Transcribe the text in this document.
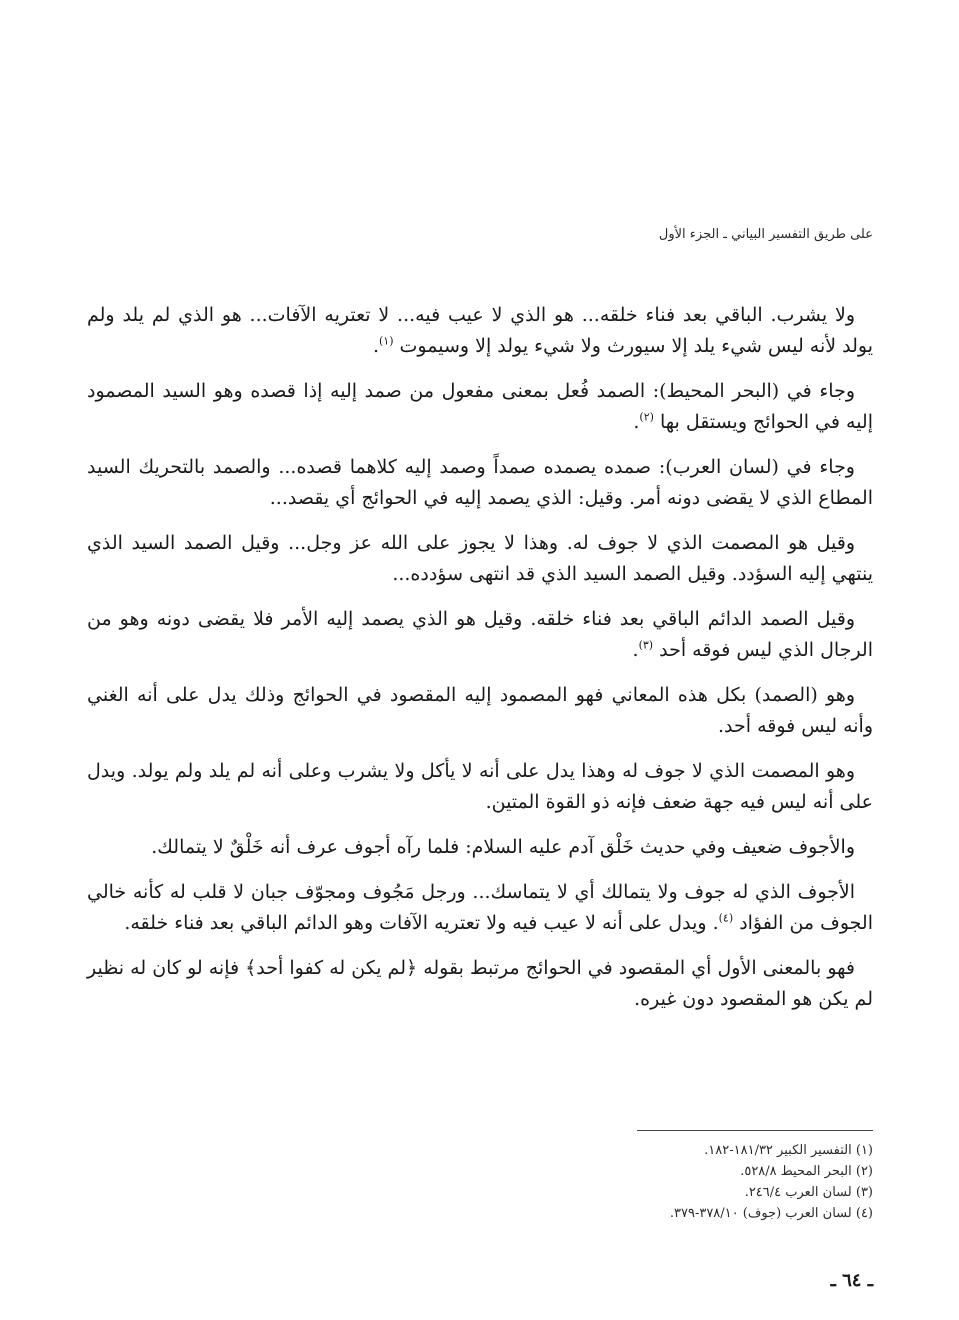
على طريق التفسير البياني ـ الجزء الأول

ولا يشرب. الباقي بعد فناء خلقه... هو الذي لا عيب فيه... لا تعتريه الآفات... هو الذي لم يلد ولم يولد لأنه ليس شيء يلد إلا سيورث ولا شيء يولد إلا وسيموت $^{(١)}$.

وجاء في (البحر المحيط): الصمد فُعل بمعنى مفعول من صمد إليه إذا قصده وهو السيد المصمود إليه في الحوائج ويستقل بها $^{(٢)}$.

وجاء في (لسان العرب): صمده يصمده صمداً وصمد إليه كلاهما قصده... والصمد بالتحريك السيد المطاع الذي لا يقضى دونه أمر. وقيل: الذي يصمد إليه في الحوائج أي يقصد...

وقيل هو المصمت الذي لا جوف له. وهذا لا يجوز على الله عز وجل... وقيل الصمد السيد الذي ينتهي إليه السؤدد. وقيل الصمد السيد الذي قد انتهى سؤدده...

وقيل الصمد الدائم الباقي بعد فناء خلقه. وقيل هو الذي يصمد إليه الأمر فلا يقضى دونه وهو من الرجال الذي ليس فوقه أحد $^{(٣)}$.

وهو (الصمد) بكل هذه المعاني فهو المصمود إليه المقصود في الحوائج وذلك يدل على أنه الغني وأنه ليس فوقه أحد.

وهو المصمت الذي لا جوف له وهذا يدل على أنه لا يأكل ولا يشرب وعلى أنه لم يلد ولم يولد. ويدل على أنه ليس فيه جهة ضعف فإنه ذو القوة المتين.

والأجوف ضعيف وفي حديث خَلْق آدم عليه السلام: فلما رآه أجوف عرف أنه خَلْقٌ لا يتمالك.

الأجوف الذي له جوف ولا يتمالك أي لا يتماسك... ورجل مَجُوف ومجوّف جبان لا قلب له كأنه خالي الجوف من الفؤاد $^{(٤)}$. ويدل على أنه لا عيب فيه ولا تعتريه الآفات وهو الدائم الباقي بعد فناء خلقه.

فهو بالمعنى الأول أي المقصود في الحوائج مرتبط بقوله ﴿لم يكن له كفوا أحد﴾ فإنه لو كان له نظير لم يكن هو المقصود دون غيره.

(١) التفسير الكبير ١٨١/٣٢-١٨٢.
(٢) البحر المحيط ٥٢٨/٨.
(٣) لسان العرب ٢٤٦/٤.
(٤) لسان العرب (جوف) ٣٧٨/١٠-٣٧٩.
ـ ٦٤ ـ
